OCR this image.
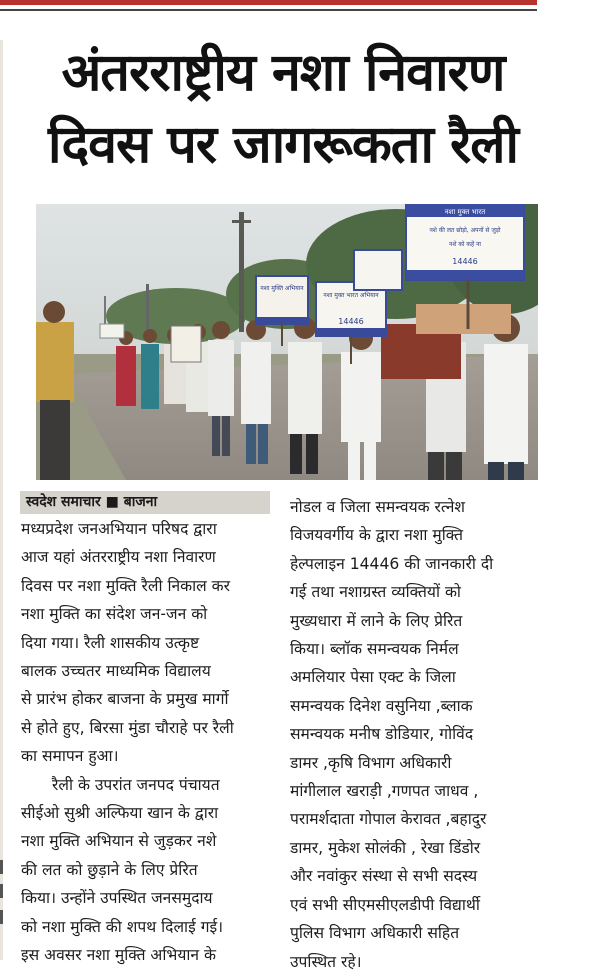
अंतरराष्ट्रीय नशा निवारण
दिवस पर जागरूकता रैली
नशा मुक्ति अभियान
नशा मुक्त भारत अभियान
14446
नशा मुक्त भारत
नशे की लत छोड़ो, अपनों से जुड़ो
नशे को कहें ना
14446
स्वदेश समाचार ■ बाजना

मध्यप्रदेश जनअभियान परिषद द्वारा

आज यहां अंतरराष्ट्रीय नशा निवारण

दिवस पर नशा मुक्ति रैली निकाल कर

नशा मुक्ति का संदेश जन-जन को

दिया गया। रैली शासकीय उत्कृष्ट

बालक उच्चतर माध्यमिक विद्यालय

से प्रारंभ होकर बाजना के प्रमुख मार्गो

से होते हुए, बिरसा मुंडा चौराहे पर रैली

का समापन हुआ।

रैली के उपरांत जनपद पंचायत

सीईओ सुश्री अल्फिया खान के द्वारा

नशा मुक्ति अभियान से जुड़कर नशे

की लत को छुड़ाने के लिए प्रेरित

किया। उन्होंने उपस्थित जनसमुदाय

को नशा मुक्ति की शपथ दिलाई गई।

इस अवसर नशा मुक्ति अभियान के

नोडल व जिला समन्वयक रत्नेश

विजयवर्गीय के द्वारा नशा मुक्ति

हेल्पलाइन 14446 की जानकारी दी

गई तथा नशाग्रस्त व्यक्तियों को

मुख्यधारा में लाने के लिए प्रेरित

किया। ब्लॉक समन्वयक निर्मल

अमलियार पेसा एक्ट के जिला

समन्वयक दिनेश वसुनिया ,ब्लाक

समन्वयक मनीष डोडियार, गोविंद

डामर ,कृषि विभाग अधिकारी

मांगीलाल खराड़ी ,गणपत जाधव ,

परामर्शदाता गोपाल केरावत ,बहादुर

डामर, मुकेश सोलंकी , रेखा डिंडोर

और नवांकुर संस्था से सभी सदस्य

एवं सभी सीएमसीएलडीपी विद्यार्थी

पुलिस विभाग अधिकारी सहित

उपस्थित रहे।
